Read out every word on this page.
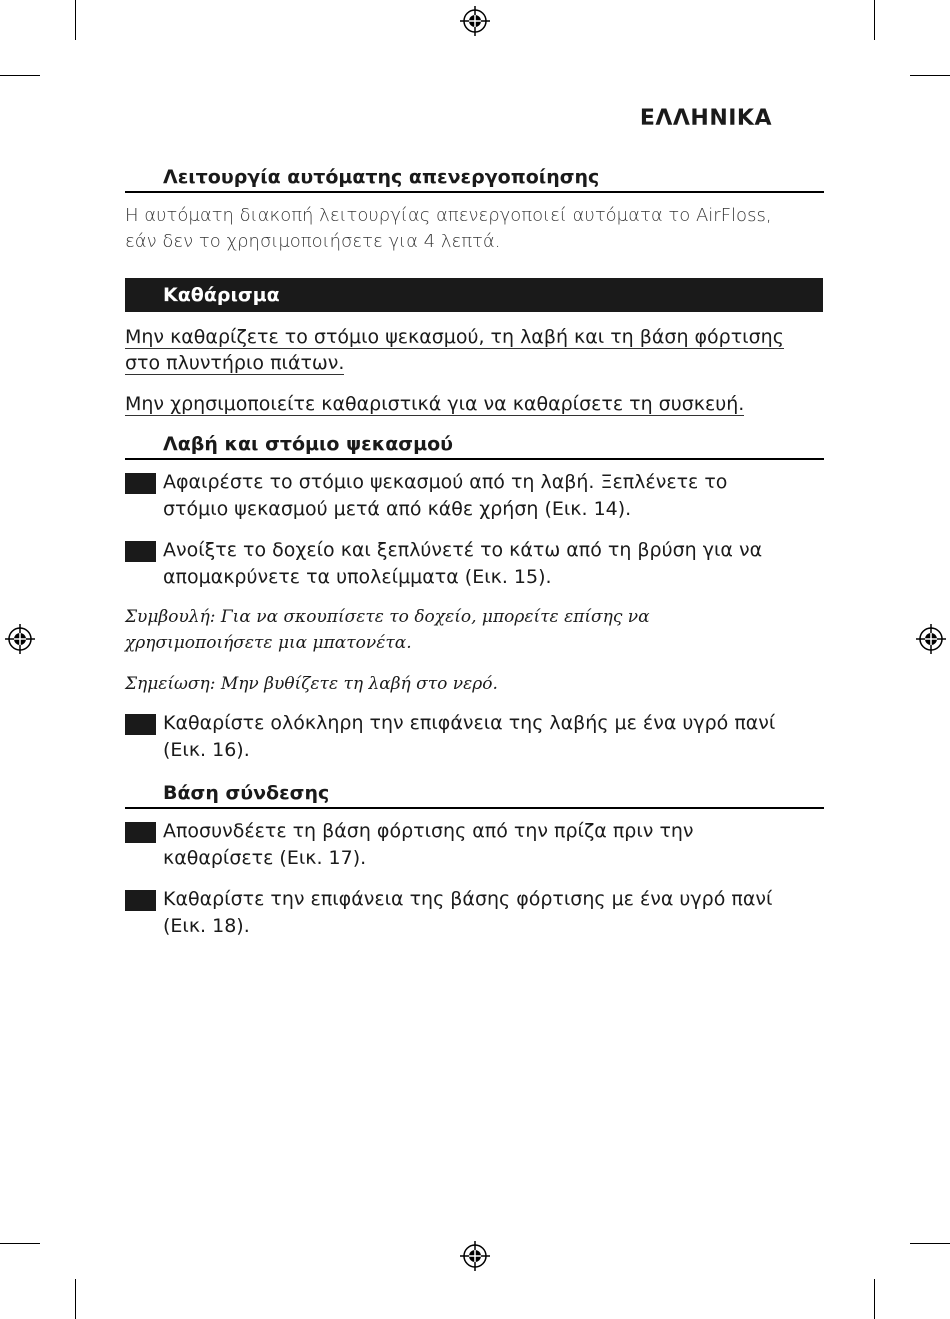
ΕΛΛΗΝΙΚΑ
Λειτουργία αυτόματης απενεργοποίησης
Η αυτόματη διακοπή λειτουργίας απενεργοποιεί αυτόματα το AirFloss,
εάν δεν το χρησιμοποιήσετε για 4 λεπτά.
Καθάρισμα
Μην καθαρίζετε το στόμιο ψεκασμού, τη λαβή και τη βάση φόρτισης
στο πλυντήριο πιάτων.
Μην χρησιμοποιείτε καθαριστικά για να καθαρίσετε τη συσκευή.
Λαβή και στόμιο ψεκασμού
Αφαιρέστε το στόμιο ψεκασμού από τη λαβή. Ξεπλένετε το
στόμιο ψεκασμού μετά από κάθε χρήση (Εικ. 14).
Ανοίξτε το δοχείο και ξεπλύνετέ το κάτω από τη βρύση για να
απομακρύνετε τα υπολείμματα (Εικ. 15).
Συμβουλή: Για να σκουπίσετε το δοχείο, μπορείτε επίσης να
χρησιμοποιήσετε μια μπατονέτα.
Σημείωση: Μην βυθίζετε τη λαβή στο νερό.
Καθαρίστε ολόκληρη την επιφάνεια της λαβής με ένα υγρό πανί
(Εικ. 16).
Βάση σύνδεσης
Αποσυνδέετε τη βάση φόρτισης από την πρίζα πριν την
καθαρίσετε (Εικ. 17).
Καθαρίστε την επιφάνεια της βάσης φόρτισης με ένα υγρό πανί
(Εικ. 18).
